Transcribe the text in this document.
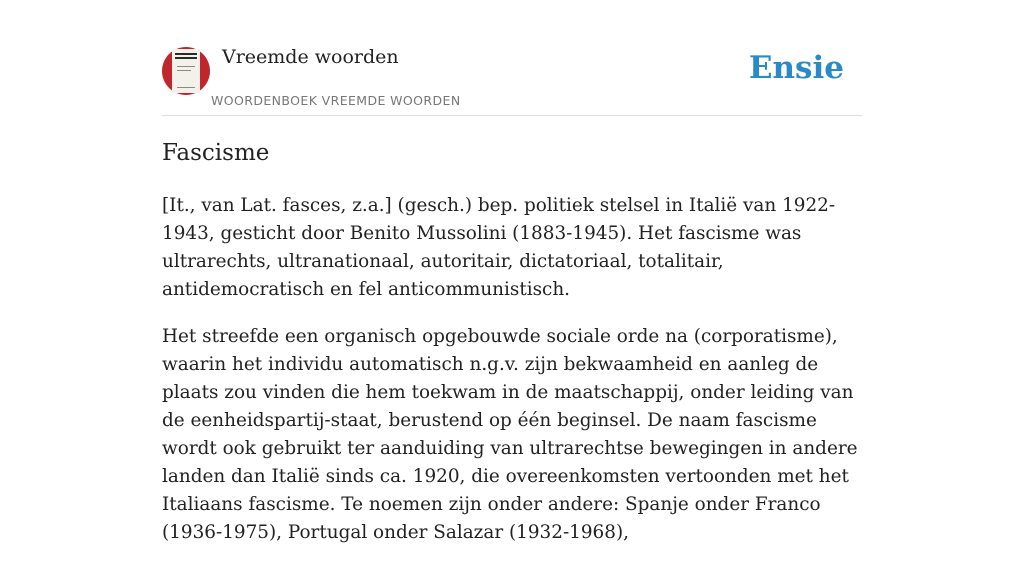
Vreemde woorden
WOORDENBOEK VREEMDE WOORDEN
Ensie
Fascisme

[It., van Lat. fasces, z.a.] (gesch.) bep. politiek stelsel in Italië van 1922-1943, gesticht door Benito Mussolini (1883-1945). Het fascisme was ultrarechts, ultranationaal, autoritair, dictatoriaal, totalitair, antidemocratisch en fel anticommunistisch.

Het streefde een organisch opgebouwde sociale orde na (corporatisme), waarin het individu automatisch n.g.v. zijn bekwaamheid en aanleg de plaats zou vinden die hem toekwam in de maatschappij, onder leiding van de eenheidspartij-staat, berustend op één beginsel. De naam fascisme wordt ook gebruikt ter aanduiding van ultrarechtse bewegingen in andere landen dan Italië sinds ca. 1920, die overeenkomsten vertoonden met het Italiaans fascisme. Te noemen zijn onder andere: Spanje onder Franco (1936-1975), Portugal onder Salazar (1932-1968),
